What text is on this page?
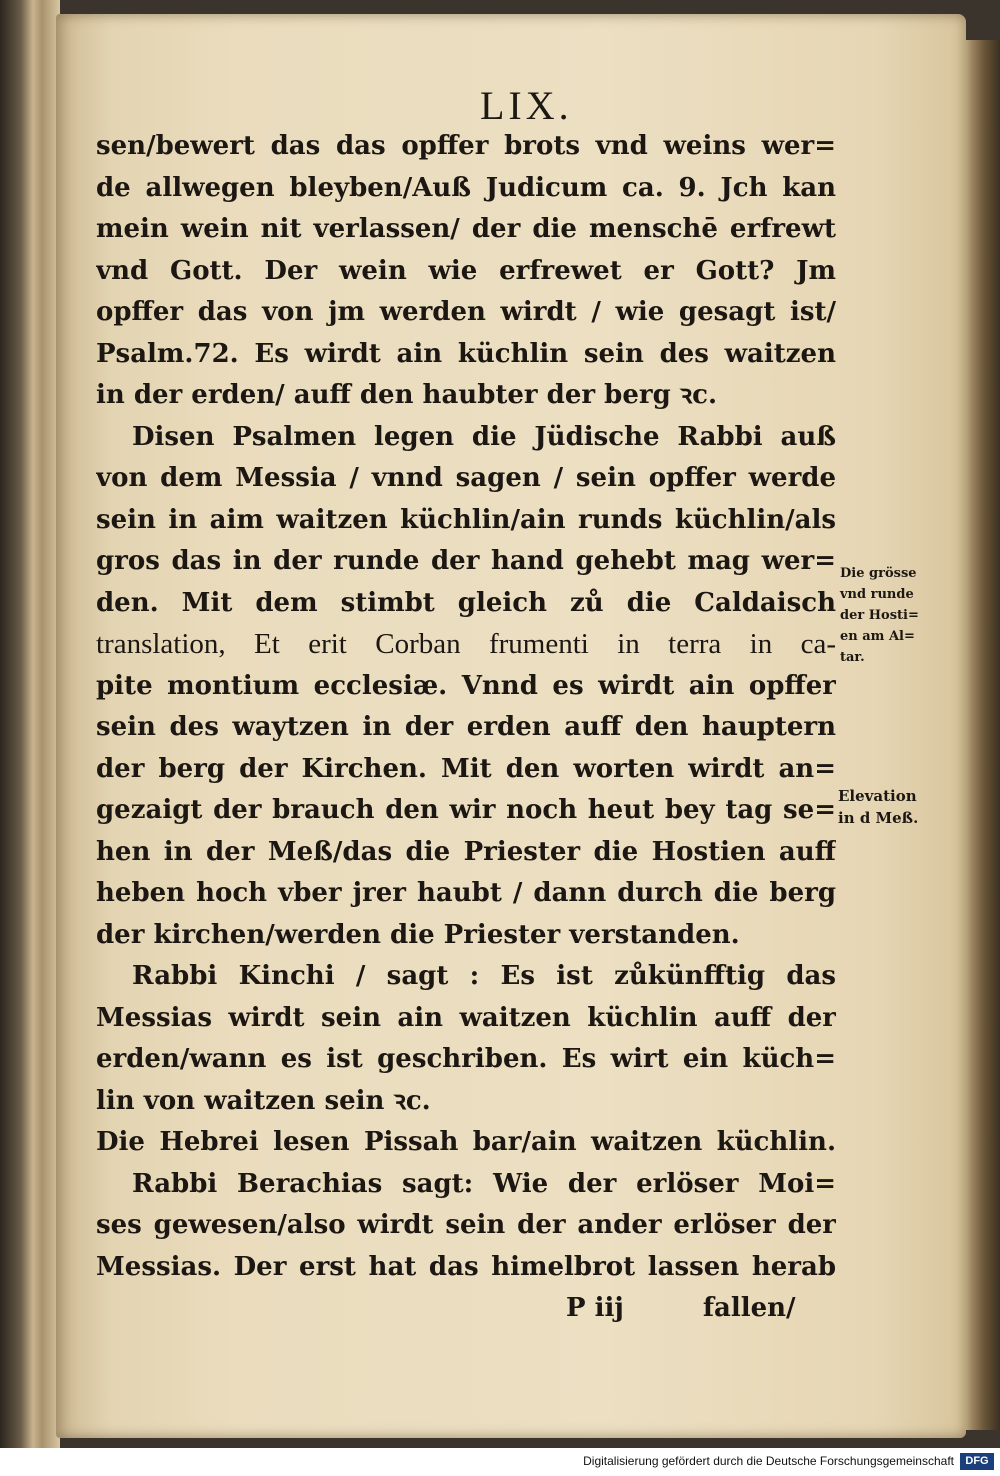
LIX.
sen/bewert das das opffer brots vnd weins wer=
de allwegen bleyben/Auß Judicum ca. 9. Jch kan
mein wein nit verlassen/ der die menschē erfrewt
vnd Gott. Der wein wie erfrewet er Gott? Jm
opffer das von jm werden wirdt / wie gesagt ist/
Psalm.72. Es wirdt ain küchlin sein des waitzen
in der erden/ auff den haubter der berg ꝛc.
Disen Psalmen legen die Jüdische Rabbi auß
von dem Messia / vnnd sagen / sein opffer werde
sein in aim waitzen küchlin/ain runds küchlin/als
gros das in der runde der hand gehebt mag wer=
den. Mit dem stimbt gleich zů die Caldaisch
translation, Et erit Corban frumenti in terra in ca-
pite montium ecclesiæ. Vnnd es wirdt ain opffer
sein des waytzen in der erden auff den hauptern
der berg der Kirchen. Mit den worten wirdt an=
gezaigt der brauch den wir noch heut bey tag se=
hen in der Meß/das die Priester die Hostien auff
heben hoch vber jrer haubt / dann durch die berg
der kirchen/werden die Priester verstanden.
Rabbi Kinchi / sagt : Es ist zůkünfftig das
Messias wirdt sein ain waitzen küchlin auff der
erden/wann es ist geschriben. Es wirt ein küch=
lin von waitzen sein ꝛc.
Die Hebrei lesen Pissah bar/ain waitzen küchlin.
Rabbi Berachias sagt: Wie der erlöser Moi=
ses gewesen/also wirdt sein der ander erlöser der
Messias. Der erst hat das himelbrot lassen herab
P iij	fallen/
Die grösse
vnd runde
der Hosti=
en am Al=
tar.
Elevation
in d Meß.
Digitalisierung gefördert durch die Deutsche Forschungsgemeinschaft	DFG
